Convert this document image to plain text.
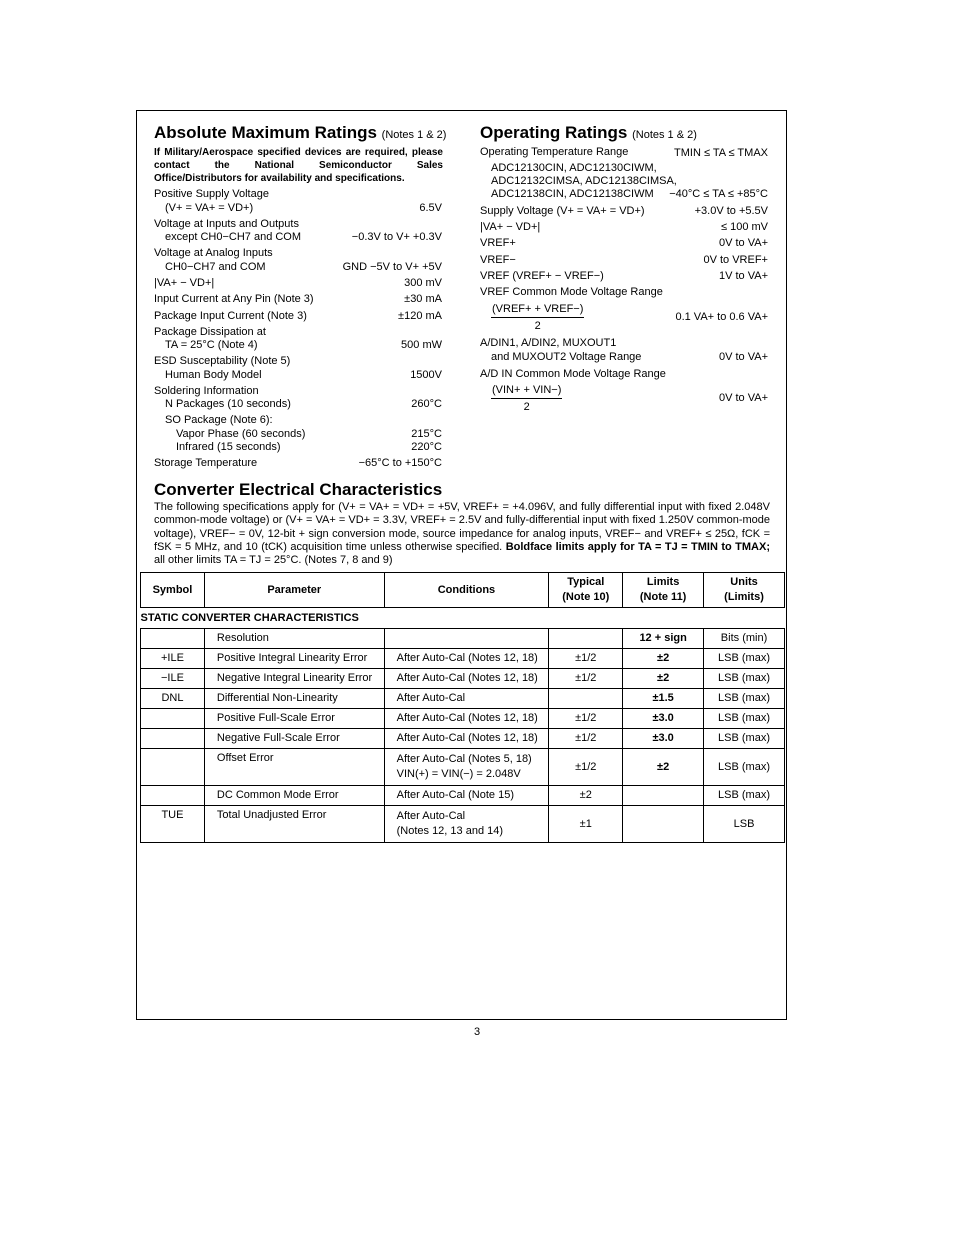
Absolute Maximum Ratings (Notes 1 & 2)
If Military/Aerospace specified devices are required, please contact the National Semiconductor Sales Office/Distributors for availability and specifications.
Positive Supply Voltage
(V+ = VA+ = VD+)	6.5V
Voltage at Inputs and Outputs
except CH0−CH7 and COM	−0.3V to V+ +0.3V
Voltage at Analog Inputs
CH0−CH7 and COM	GND −5V to V+ +5V
|VA+ − VD+|	300 mV
Input Current at Any Pin (Note 3)	±30 mA
Package Input Current (Note 3)	±120 mA
Package Dissipation at
TA = 25°C (Note 4)	500 mW
ESD Susceptability (Note 5)
Human Body Model	1500V
Soldering Information
N Packages (10 seconds)	260°C
SO Package (Note 6):
Vapor Phase (60 seconds)	215°C
Infrared (15 seconds)	220°C
Storage Temperature	−65°C to +150°C
Operating Ratings (Notes 1 & 2)
Operating Temperature Range	TMIN ≤ TA ≤ TMAX
ADC12130CIN, ADC12130CIWM,
ADC12132CIMSA, ADC12138CIMSA,
ADC12138CIN, ADC12138CIWM −40°C ≤ TA ≤ +85°C
Supply Voltage (V+ = VA+ = VD+)	+3.0V to +5.5V
|VA+ − VD+|	≤ 100 mV
VREF+	0V to VA+
VREF−	0V to VREF+
VREF (VREF+ − VREF−)	1V to VA+
VREF Common Mode Voltage Range
(VREF+ + VREF−)
2
0.1 VA+ to 0.6 VA+
A/DIN1, A/DIN2, MUXOUT1
and MUXOUT2 Voltage Range	0V to VA+
A/D IN Common Mode Voltage Range
(VIN+ + VIN−)
2
0V to VA+
Converter Electrical Characteristics
The following specifications apply for (V+ = VA+ = VD+ = +5V, VREF+ = +4.096V, and fully differential input with fixed 2.048V common-mode voltage) or (V+ = VA+ = VD+ = 3.3V, VREF+ = 2.5V and fully-differential input with fixed 1.250V common-mode voltage), VREF− = 0V, 12-bit + sign conversion mode, source impedance for analog inputs, VREF− and VREF+ ≤ 25Ω, fCK = fSK = 5 MHz, and 10 (tCK) acquisition time unless otherwise specified. Boldface limits apply for TA = TJ = TMIN to TMAX; all other limits TA = TJ = 25°C. (Notes 7, 8 and 9)
Symbol	Parameter	Conditions	Typical
(Note 10)	Limits
(Note 11)	Units
(Limits)
STATIC CONVERTER CHARACTERISTICS					
	Resolution			12 + sign	Bits (min)
+ILE	Positive Integral Linearity Error	After Auto-Cal (Notes 12, 18)	±1/2	±2	LSB (max)
−ILE	Negative Integral Linearity Error	After Auto-Cal (Notes 12, 18)	±1/2	±2	LSB (max)
DNL	Differential Non-Linearity	After Auto-Cal		±1.5	LSB (max)
	Positive Full-Scale Error	After Auto-Cal (Notes 12, 18)	±1/2	±3.0	LSB (max)
	Negative Full-Scale Error	After Auto-Cal (Notes 12, 18)	±1/2	±3.0	LSB (max)
	Offset Error	After Auto-Cal (Notes 5, 18)
VIN(+) = VIN(−) = 2.048V	±1/2	±2	LSB (max)
	DC Common Mode Error	After Auto-Cal (Note 15)	±2		LSB (max)
TUE	Total Unadjusted Error	After Auto-Cal
(Notes 12, 13 and 14)	±1		LSB
3
